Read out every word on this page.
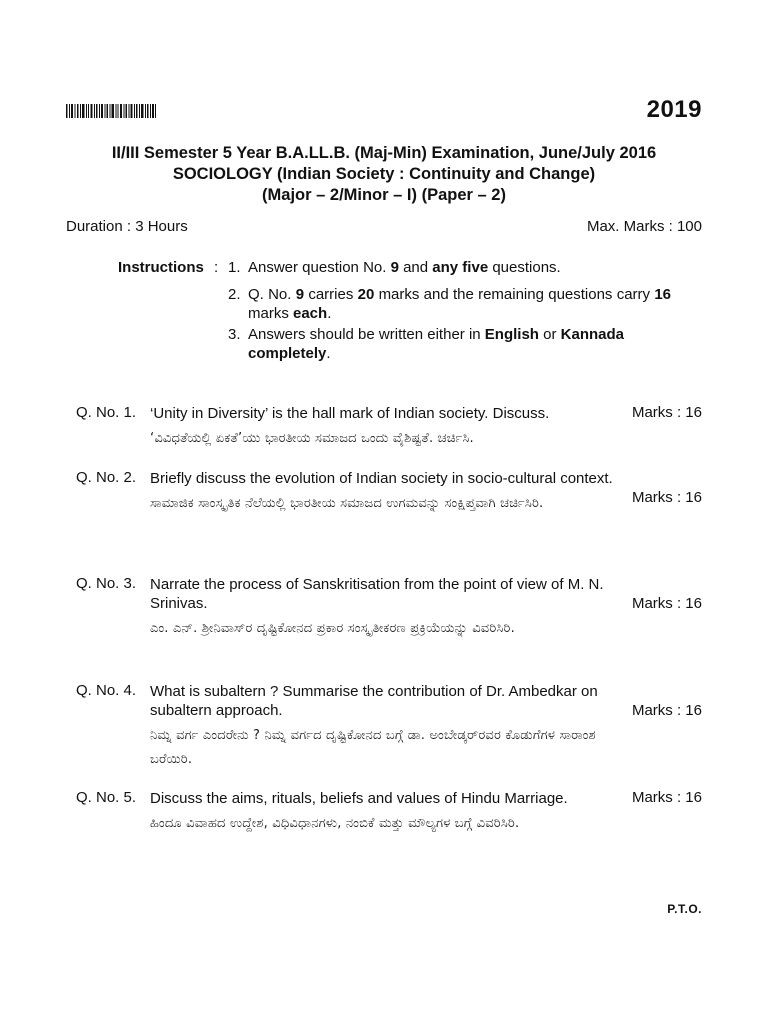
2019
II/III Semester 5 Year B.A.LL.B. (Maj-Min) Examination, June/July 2016
SOCIOLOGY (Indian Society : Continuity and Change)
(Major – 2/Minor – I) (Paper – 2)
Duration : 3 Hours	Max. Marks : 100
Instructions : 1. Answer question No. 9 and any five questions.
2. Q. No. 9 carries 20 marks and the remaining questions carry 16 marks each.
3. Answers should be written either in English or Kannada completely.
Q. No. 1. ‘Unity in Diversity’ is the hall mark of Indian society. Discuss.
‘ವಿವಿಧತೆಯಲ್ಲಿ ಏಕತೆ’ಯು ಭಾರತೀಯ ಸಮಾಜದ ಒಂದು ವೈಶಿಷ್ಟತೆ. ಚರ್ಚಿಸಿ.
Marks : 16
Q. No. 2. Briefly discuss the evolution of Indian society in socio-cultural context.
ಸಾಮಾಜಿಕ ಸಾಂಸ್ಕೃತಿಕ ನೆಲೆಯಲ್ಲಿ ಭಾರತೀಯ ಸಮಾಜದ ಉಗಮವನ್ನು ಸಂಕ್ಷಿಪ್ತವಾಗಿ ಚರ್ಚಿಸಿರಿ.	Marks : 16
Q. No. 3. Narrate the process of Sanskritisation from the point of view of M. N. Srinivas.
ಎಂ. ಎನ್. ಶ್ರೀನಿವಾಸ್‌ರ ದೃಷ್ಟಿಕೋನದ ಪ್ರಕಾರ ಸಂಸ್ಕೃತೀಕರಣ ಪ್ರಕ್ರಿಯೆಯನ್ನು ವಿವರಿಸಿರಿ.
Marks : 16
Q. No. 4. What is subaltern ? Summarise the contribution of Dr. Ambedkar on subaltern approach.
ನಿಮ್ನ ವರ್ಗ ಎಂದರೇನು ? ನಿಮ್ನ ವರ್ಗದ ದೃಷ್ಟಿಕೋನದ ಬಗ್ಗೆ ಡಾ. ಅಂಬೇಡ್ಕರ್‌ರವರ ಕೊಡುಗೆಗಳ ಸಾರಾಂಶ ಬರೆಯಿರಿ.
Marks : 16
Q. No. 5. Discuss the aims, rituals, beliefs and values of Hindu Marriage.
ಹಿಂದೂ ವಿವಾಹದ ಉದ್ದೇಶ, ವಿಧಿವಿಧಾನಗಳು, ನಂಬಿಕೆ ಮತ್ತು ಮೌಲ್ಯಗಳ ಬಗ್ಗೆ ವಿವರಿಸಿರಿ.
Marks : 16
P.T.O.
